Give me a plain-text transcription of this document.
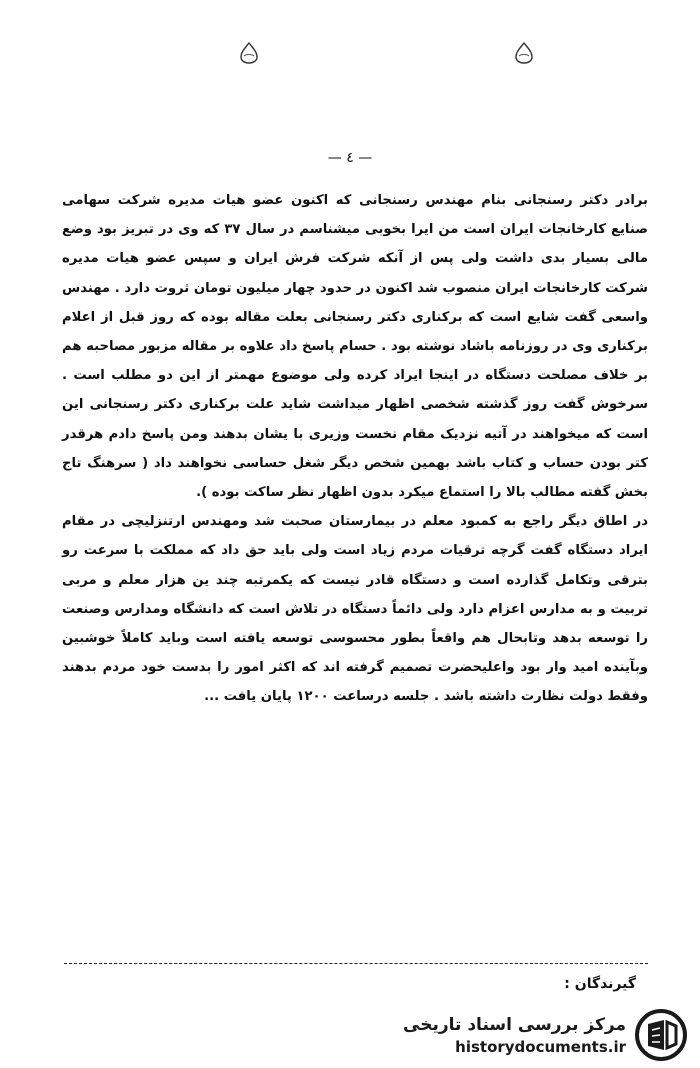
— ٤ —

برادر دکتر رسنجانی بنام مهندس رسنجانی که اکنون عضو هیات مدیره شرکت سهامی صنایع کارخانجات ایران است من ایرا بخوبی میشناسم در سال ۳۷ که وی در تبریز بود وضع مالی بسیار بدی داشت ولی پس از آنکه شرکت فرش ایران و سپس عضو هیات مدیره شرکت کارخانجات ایران منصوب شد اکنون در حدود چهار میلیون تومان ثروت دارد . مهندس واسعی گفت شایع است که برکناری دکتر رسنجانی بعلت مقاله بوده که روز قبل از اعلام برکناری وی در روزنامه باشاد نوشته بود . حسام پاسخ داد علاوه بر مقاله مزبور مصاحبه هم بر خلاف مصلحت دستگاه در اینجا ایراد کرده ولی موضوع مهمتر از این دو مطلب است . سرخوش گفت روز گذشته شخصی اظهار میداشت شاید علت برکناری دکتر رسنجانی این است که میخواهند در آتیه نزدیک مقام نخست وزیری با یشان بدهند ومن پاسخ دادم هرقدر کتر بودن حساب و کتاب باشد بهمین شخص دیگر شغل حساسی نخواهند داد ( سرهنگ تاج بخش گفته مطالب بالا را استماع میکرد بدون اظهار نظر ساکت بوده ).

در اطاق دیگر راجع به کمبود معلم در بیمارستان صحبت شد ومهندس ارتنزلیچی در مقام ایراد دستگاه گفت گرچه ترقیات مردم زیاد است ولی باید حق داد که مملکت با سرعت رو بترقی وتکامل گذارده است و دستگاه قادر نیست که یکمرتبه چند ین هزار معلم و مربی تربیت و به مدارس اعزام دارد ولی دائماً دستگاه در تلاش است که دانشگاه ومدارس وصنعت را توسعه بدهد وتابحال هم واقعاً بطور محسوسی توسعه یافته است وباید کاملاً خوشبین وبآینده امید وار بود واعلیحضرت تصمیم گرفته اند که اکثر امور را بدست خود مردم بدهند وفقط دولت نظارت داشته باشد . جلسه درساعت ۱۲۰۰ پایان یافت ...

گیرندگان :
مرکز بررسی اسناد تاریخی
historydocuments.ir
